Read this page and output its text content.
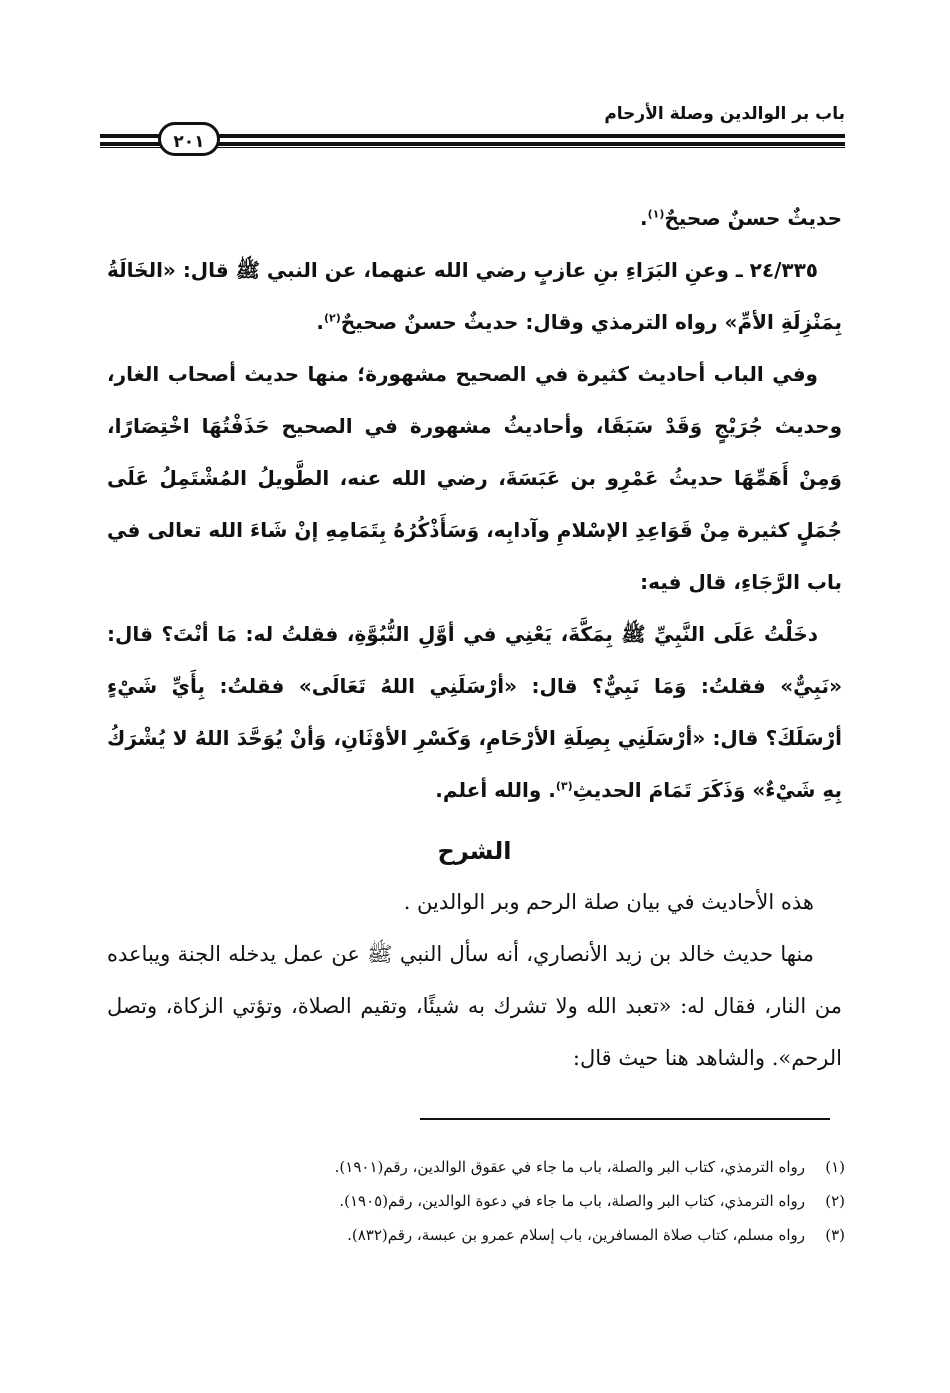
باب بر الوالدين وصلة الأرحام
٢٠١

حديثٌ حسنٌ صحيحٌ$^{(١)}$.

٢٤/٣٣٥ ـ وعنِ البَرَاءِ بنِ عازبٍ رضي الله عنهما، عن النبي ﷺ قال: «الخَالَةُ بِمَنْزِلَةِ الأمِّ» رواه الترمذي وقال: حديثٌ حسنٌ صحيحٌ$^{(٢)}$.

وفي الباب أحاديث كثيرة في الصحيح مشهورة؛ منها حديث أصحاب الغار، وحديث جُرَيْجٍ وَقَدْ سَبَقَا، وأحاديثُ مشهورة في الصحيح حَذَفْتُهَا اخْتِصَارًا، وَمِنْ أَهَمِّهَا حديثُ عَمْرِو بن عَبَسَةَ، رضي الله عنه، الطَّويلُ المُشْتَمِلُ عَلَى جُمَلٍ كثيرة مِنْ قَوَاعِدِ الإسْلامِ وآدابِه، وَسَأَذْكُرُهُ بِتَمَامِهِ إنْ شَاءَ الله تعالى في باب الرَّجَاءِ، قال فيه:

دخَلْتُ عَلَى النَّبِيِّ ﷺ بِمَكَّةَ، يَعْنِي في أوَّلِ النُّبُوَّةِ، فقلتُ له: مَا أنْتَ؟ قال: «نَبِيٌّ» فقلتُ: وَمَا نَبِيٌّ؟ قال: «أرْسَلَنِي اللهُ تَعَالَى» فقلتُ: بِأَيِّ شَيْءٍ أرْسَلَكَ؟ قال: «أرْسَلَنِي بِصِلَةِ الأرْحَامِ، وَكَسْرِ الأوْثَانِ، وَأنْ يُوَحَّدَ اللهُ لا يُشْرَكُ بِهِ شَيْءٌ» وَذَكَرَ تَمَامَ الحديثِ$^{(٣)}$. والله أعلم.

الشرح

هذه الأحاديث في بيان صلة الرحم وبر الوالدين .

منها حديث خالد بن زيد الأنصاري، أنه سأل النبي ﷺ عن عمل يدخله الجنة ويباعده من النار، فقال له: «تعبد الله ولا تشرك به شيئًا، وتقيم الصلاة، وتؤتي الزكاة، وتصل الرحم». والشاهد هنا حيث قال:

(١)رواه الترمذي، كتاب البر والصلة، باب ما جاء في عقوق الوالدين، رقم(١٩٠١).
(٢)رواه الترمذي، كتاب البر والصلة، باب ما جاء في دعوة الوالدين، رقم(١٩٠٥).
(٣)رواه مسلم، كتاب صلاة المسافرين، باب إسلام عمرو بن عبسة، رقم(٨٣٢).
